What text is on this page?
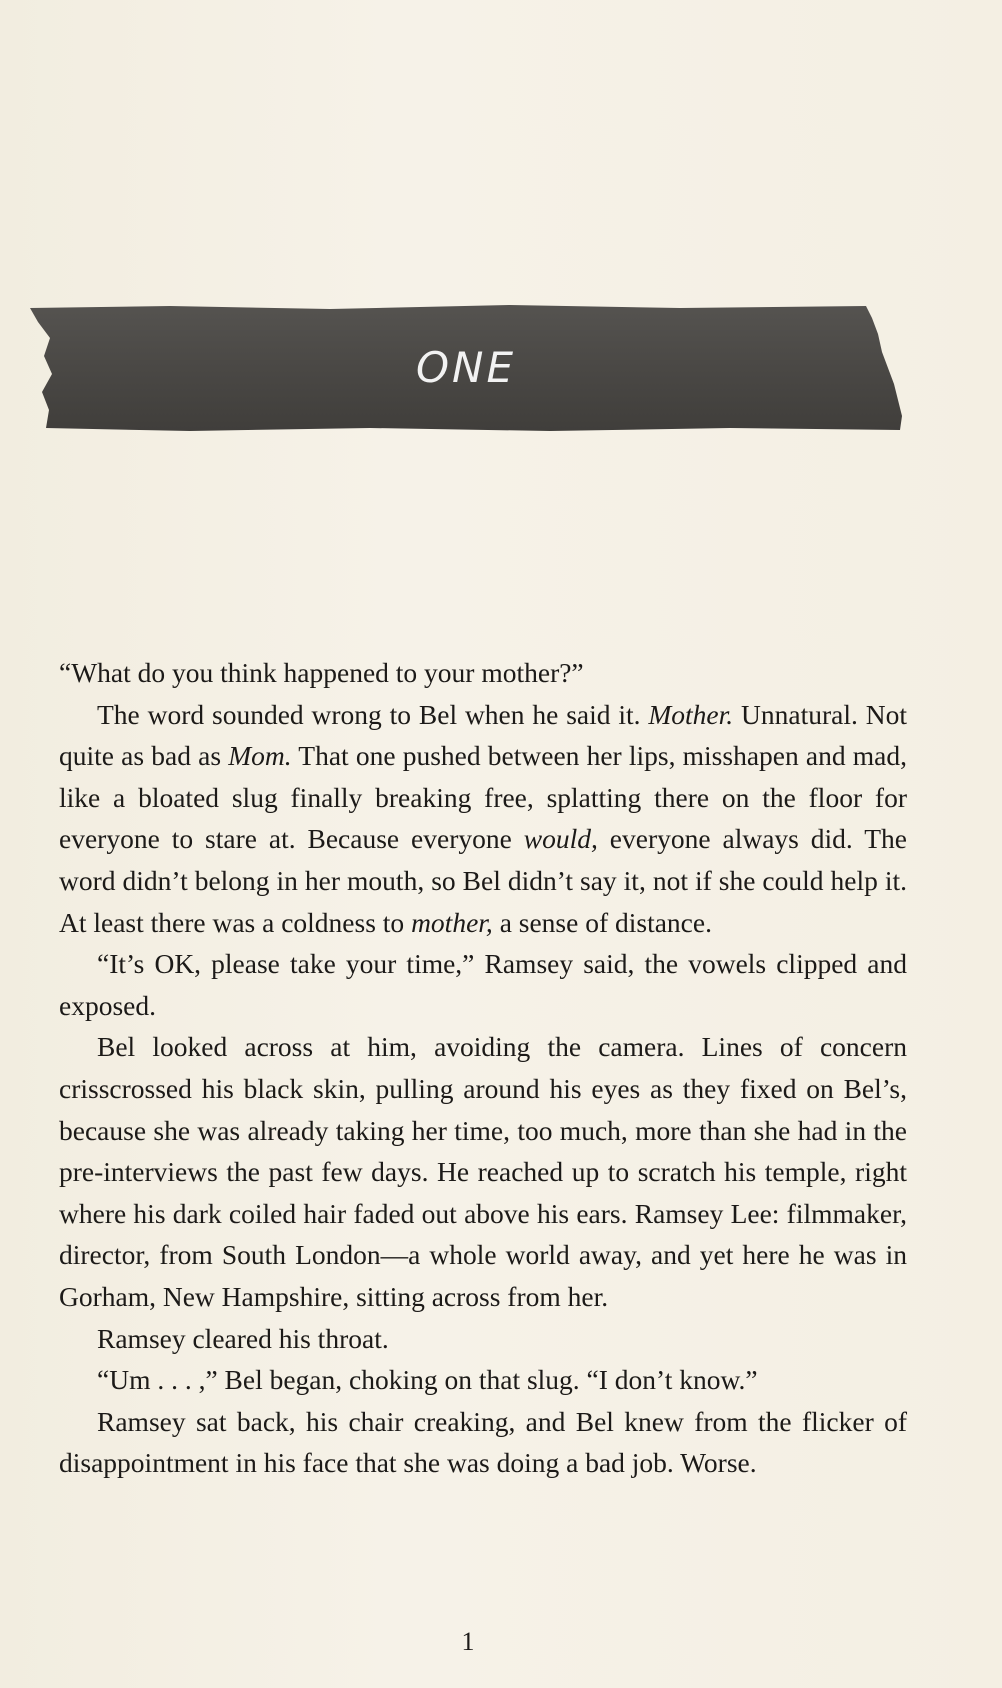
ONE

“What do you think happened to your mother?”

The word sounded wrong to Bel when he said it. Mother. Unnatural. Not quite as bad as Mom. That one pushed between her lips, misshapen and mad, like a bloated slug finally breaking free, splatting there on the floor for everyone to stare at. Because everyone would, everyone always did. The word didn’t belong in her mouth, so Bel didn’t say it, not if she could help it. At least there was a coldness to mother, a sense of distance.

“It’s OK, please take your time,” Ramsey said, the vowels clipped and exposed.

Bel looked across at him, avoiding the camera. Lines of concern crisscrossed his black skin, pulling around his eyes as they fixed on Bel’s, because she was already taking her time, too much, more than she had in the pre-interviews the past few days. He reached up to scratch his temple, right where his dark coiled hair faded out above his ears. Ramsey Lee: filmmaker, director, from South London—a whole world away, and yet here he was in Gorham, New Hampshire, sitting across from her.

Ramsey cleared his throat.

“Um . . . ,” Bel began, choking on that slug. “I don’t know.”

Ramsey sat back, his chair creaking, and Bel knew from the flicker of disappointment in his face that she was doing a bad job. Worse.

1
